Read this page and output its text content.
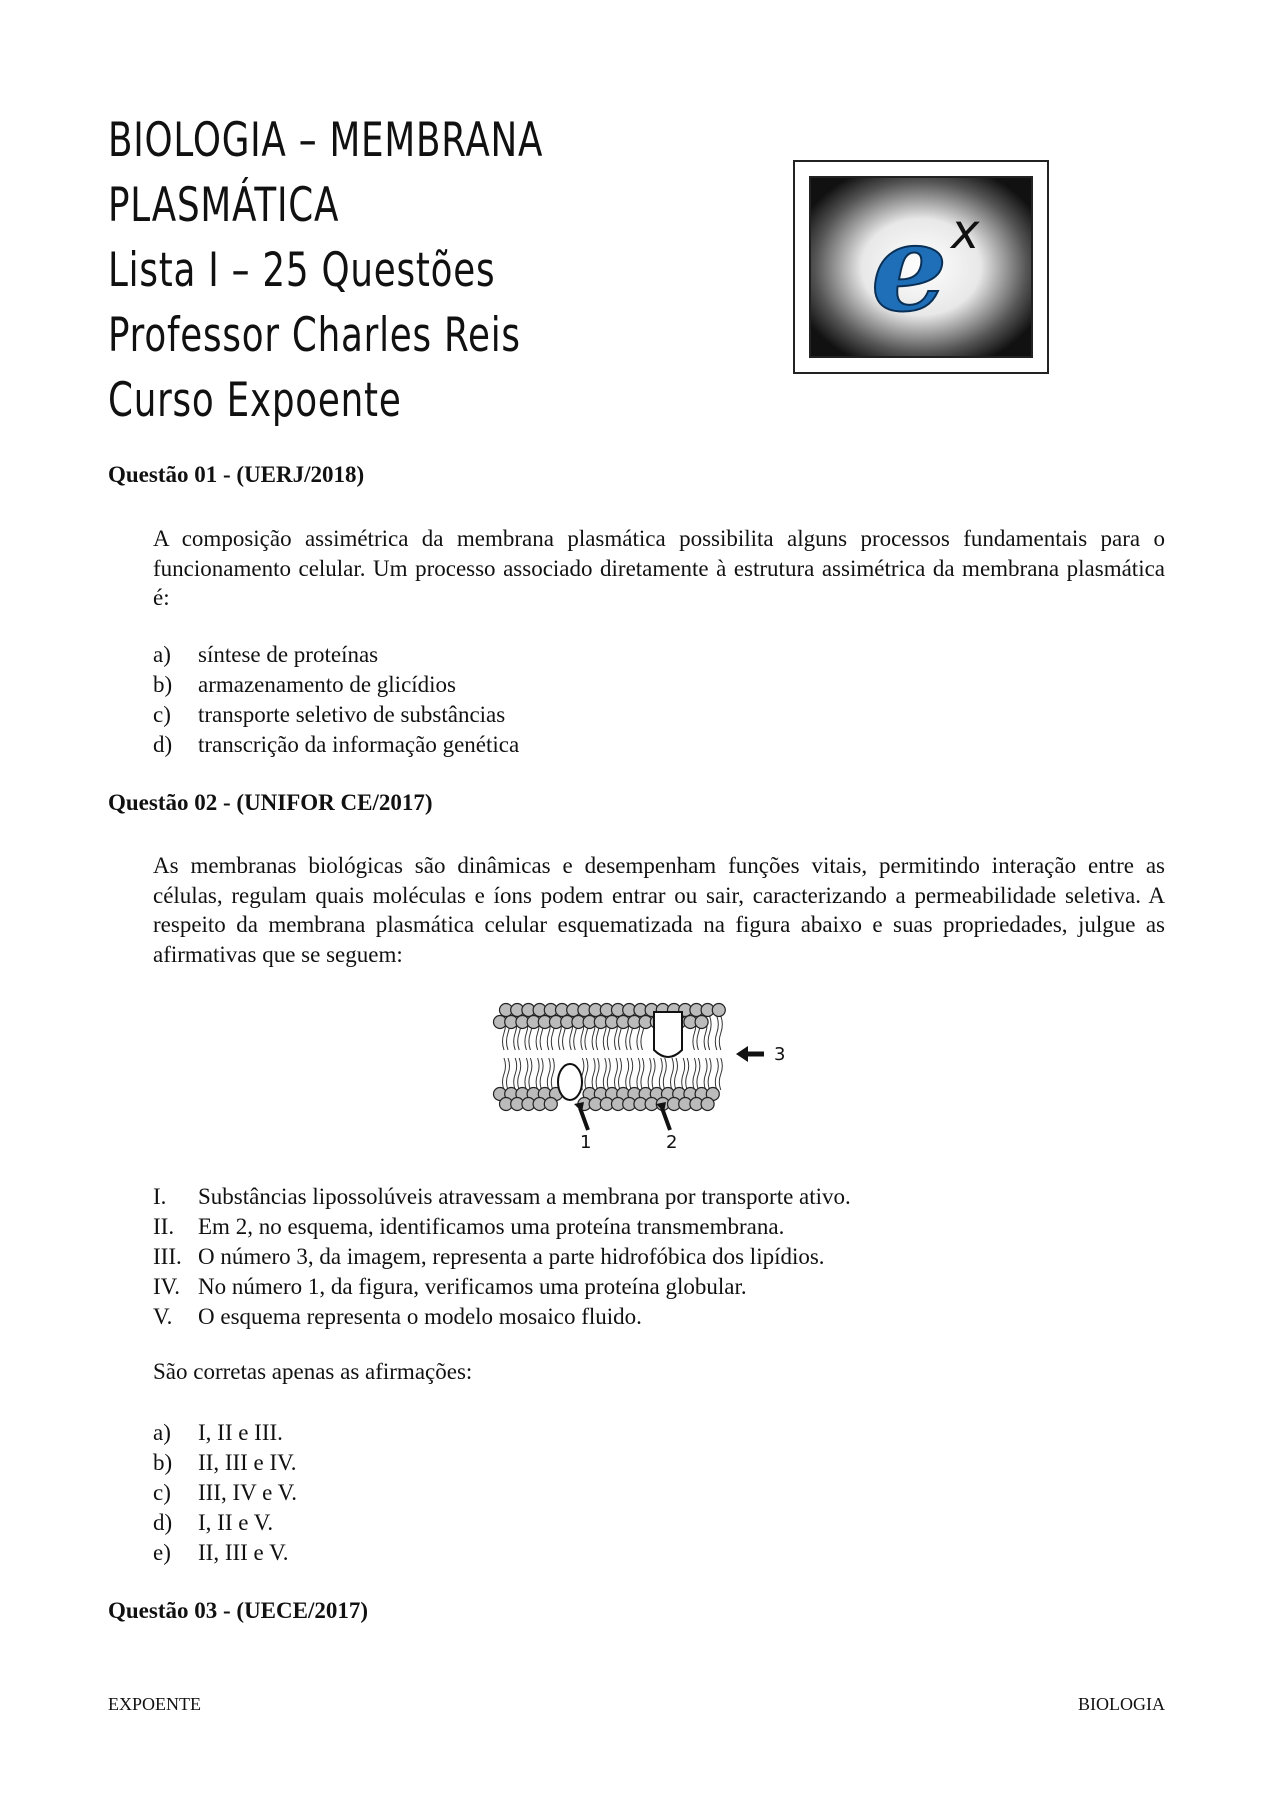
BIOLOGIA – MEMBRANA
PLASMÁTICA
Lista I – 25 Questões
Professor Charles Reis
Curso Expoente
e x
Questão 01 - (UERJ/2018)
A composição assimétrica da membrana plasmática possibilita alguns processos fundamentais para o funcionamento celular. Um processo associado diretamente à estrutura assimétrica da membrana plasmática é:
a)	síntese de proteínas
b)	armazenamento de glicídios
c)	transporte seletivo de substâncias
d)	transcrição da informação genética
Questão 02 - (UNIFOR CE/2017)
As membranas biológicas são dinâmicas e desempenham funções vitais, permitindo interação entre as células, regulam quais moléculas e íons podem entrar ou sair, caracterizando a permeabilidade seletiva. A respeito da membrana plasmática celular esquematizada na figura abaixo e suas propriedades, julgue as afirmativas que se seguem:
1	2
3
I.	Substâncias lipossolúveis atravessam a membrana por transporte ativo.
II.	Em 2, no esquema, identificamos uma proteína transmembrana.
III. O número 3, da imagem, representa a parte hidrofóbica dos lipídios.
IV. No número 1, da figura, verificamos uma proteína globular.
V.	O esquema representa o modelo mosaico fluido.
São corretas apenas as afirmações:
a)	I, II e III.
b)	II, III e IV.
c)	III, IV e V.
d)	I, II e V.
e)	II, III e V.
Questão 03 - (UECE/2017)
EXPOENTE	BIOLOGIA
